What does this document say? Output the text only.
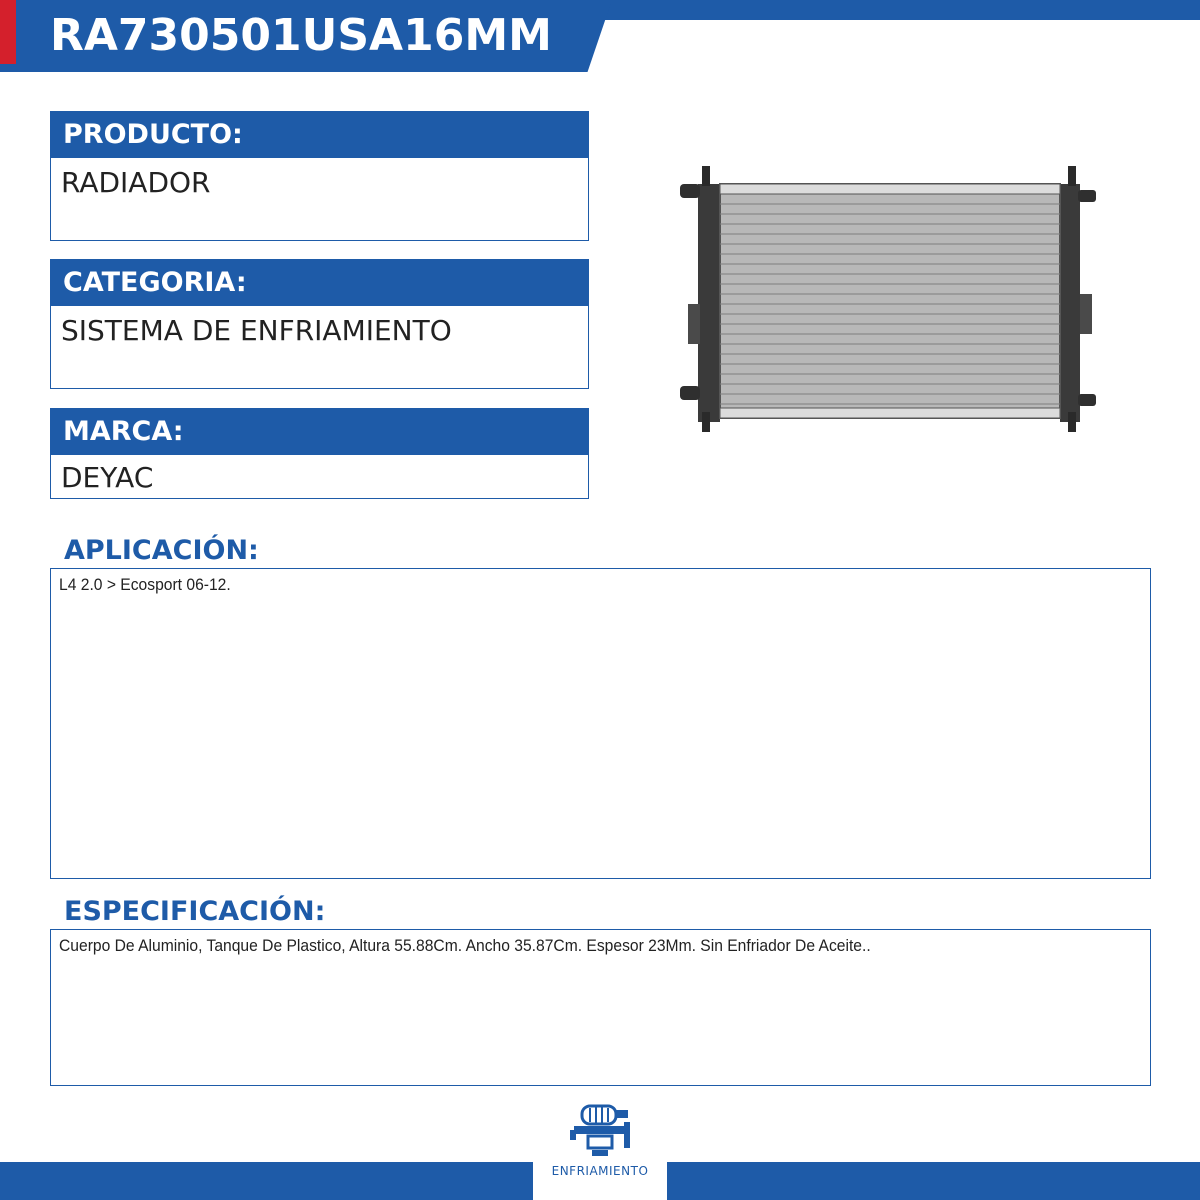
RA730501USA16MM
PRODUCTO:
RADIADOR
CATEGORIA:
SISTEMA DE ENFRIAMIENTO
MARCA:
DEYAC
APLICACIÓN:
L4 2.0 > Ecosport 06-12.
ESPECIFICACIÓN:
Cuerpo De Aluminio, Tanque De Plastico, Altura 55.88Cm. Ancho 35.87Cm. Espesor 23Mm. Sin Enfriador De Aceite..
ENFRIAMIENTO
